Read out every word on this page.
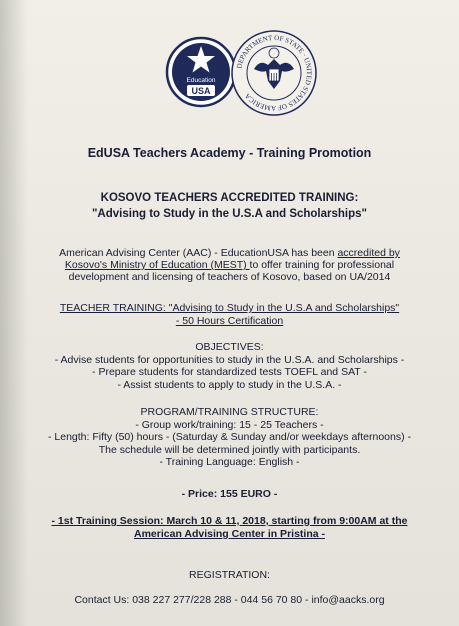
Education
USA
DEPARTMENT OF STATE · UNITED STATES OF AMERICA
EdUSA Teachers Academy - Training Promotion
KOSOVO TEACHERS ACCREDITED TRAINING:
"Advising to Study in the U.S.A and Scholarships"
American Advising Center (AAC) - EducationUSA has been accredited by
Kosovo's Ministry of Education (MEST) to offer training for professional
development and licensing of teachers of Kosovo, based on UA/2014
TEACHER TRAINING: "Advising to Study in the U.S.A and Scholarships"
- 50 Hours Certification
OBJECTIVES:
- Advise students for opportunities to study in the U.S.A. and Scholarships -
- Prepare students for standardized tests TOEFL and SAT -
- Assist students to apply to study in the U.S.A. -
PROGRAM/TRAINING STRUCTURE:
- Group work/training: 15 - 25 Teachers -
- Length: Fifty (50) hours - (Saturday & Sunday and/or weekdays afternoons) -
The schedule will be determined jointly with participants.
- Training Language: English -
- Price: 155 EURO -
- 1st Training Session: March 10 & 11, 2018, starting from 9:00AM at the
American Advising Center in Pristina -
REGISTRATION:
Contact Us: 038 227 277/228 288 - 044 56 70 80 - info@aacks.org
